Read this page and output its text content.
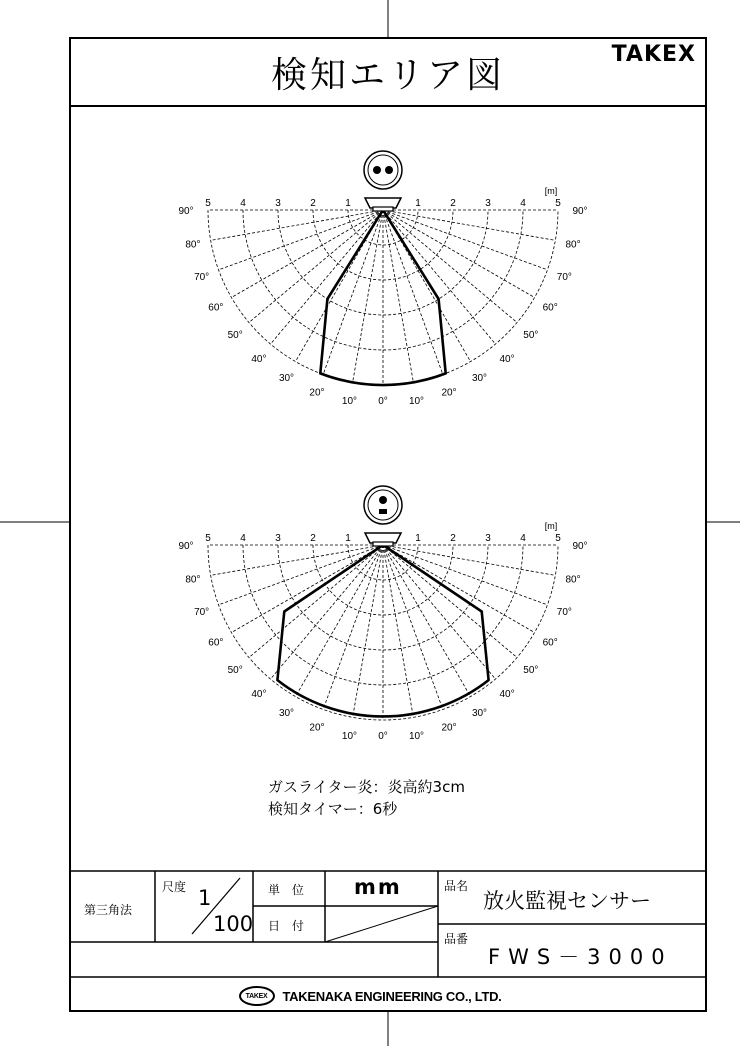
5	4	3	2	1	1	2	3	4	5
[m]
90°
90°
80°
80°
70°
70°
60°
60°
50°
50°
40°
40°
30°
30°
20°
20°
10°
10° 0°
5	4	3	2	1	1	2	3	4	5
[m]
90°
90°
80°
80°
70°
70°
60°
60°
50°
50°
40°
40°
30°
30°
20°
20°
10°
10° 0°
検知エリア図	TAKEX
ガスライター炎：炎高約3cm
検知タイマー：6秒
第三角法
尺度 1
100
単 位 mm
日 付
品名
放火監視センサー
品番
FWS－3000
TAKEX	TAKENAKA ENGINEERING CO., LTD.
